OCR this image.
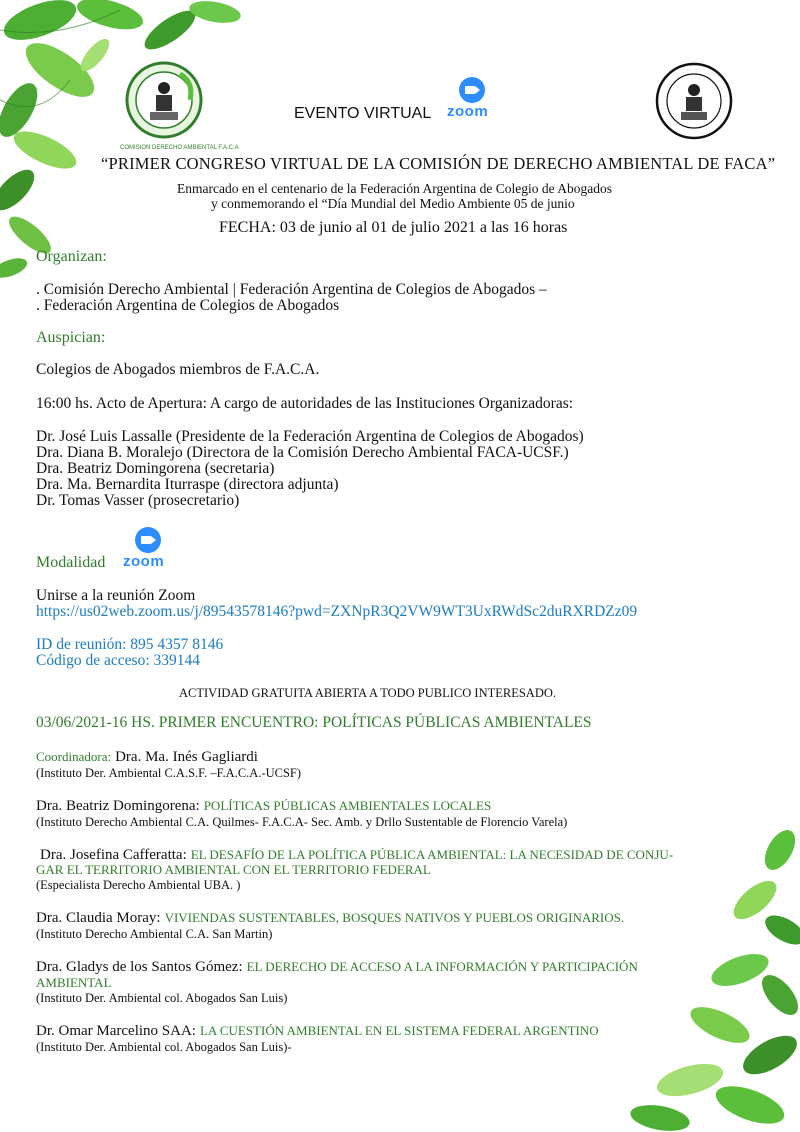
COMISION DERECHO AMBIENTAL F.A.C.A
EVENTO VIRTUAL zoom
“PRIMER CONGRESO VIRTUAL DE LA COMISIÓN DE DERECHO AMBIENTAL DE FACA”
Enmarcado en el centenario de la Federación Argentina de Colegio de Abogados
y conmemorando el “Día Mundial del Medio Ambiente 05 de junio
FECHA: 03 de junio al 01 de julio 2021 a las 16 horas
Organizan:
. Comisión Derecho Ambiental | Federación Argentina de Colegios de Abogados –
. Federación Argentina de Colegios de Abogados
Auspician:
Colegios de Abogados miembros de F.A.C.A.
16:00 hs. Acto de Apertura: A cargo de autoridades de las Instituciones Organizadoras:
Dr. José Luis Lassalle (Presidente de la Federación Argentina de Colegios de Abogados)
Dra. Diana B. Moralejo (Directora de la Comisión Derecho Ambiental FACA-UCSF.)
Dra. Beatriz Domingorena (secretaria)
Dra. Ma. Bernardita Iturraspe (directora adjunta)
Dr. Tomas Vasser (prosecretario)
Modalidad zoom
Unirse a la reunión Zoom
https://us02web.zoom.us/j/89543578146?pwd=ZXNpR3Q2VW9WT3UxRWdSc2duRXRDZz09
ID de reunión: 895 4357 8146
Código de acceso: 339144
ACTIVIDAD GRATUITA ABIERTA A TODO PUBLICO INTERESADO.
03/06/2021-16 HS. PRIMER ENCUENTRO: POLÍTICAS PÚBLICAS AMBIENTALES
Coordinadora: Dra. Ma. Inés Gagliardi
(Instituto Der. Ambiental C.A.S.F. –F.A.C.A.-UCSF)
Dra. Beatriz Domingorena: POLÍTICAS PÚBLICAS AMBIENTALES LOCALES
(Instituto Derecho Ambiental C.A. Quilmes- F.A.C.A- Sec. Amb. y Drllo Sustentable de Florencio Varela)
Dra. Josefina Cafferatta: EL DESAFÍO DE LA POLÍTICA PÚBLICA AMBIENTAL: LA NECESIDAD DE CONJU-
GAR EL TERRITORIO AMBIENTAL CON EL TERRITORIO FEDERAL
(Especialista Derecho Ambiental UBA. )
Dra. Claudia Moray: VIVIENDAS SUSTENTABLES, BOSQUES NATIVOS Y PUEBLOS ORIGINARIOS.
(Instituto Derecho Ambiental C.A. San Martin)
Dra. Gladys de los Santos Gómez: EL DERECHO DE ACCESO A LA INFORMACIÓN Y PARTICIPACIÓN
AMBIENTAL
(Instituto Der. Ambiental col. Abogados San Luis)
Dr. Omar Marcelino SAA: LA CUESTIÓN AMBIENTAL EN EL SISTEMA FEDERAL ARGENTINO
(Instituto Der. Ambiental col. Abogados San Luis)-
